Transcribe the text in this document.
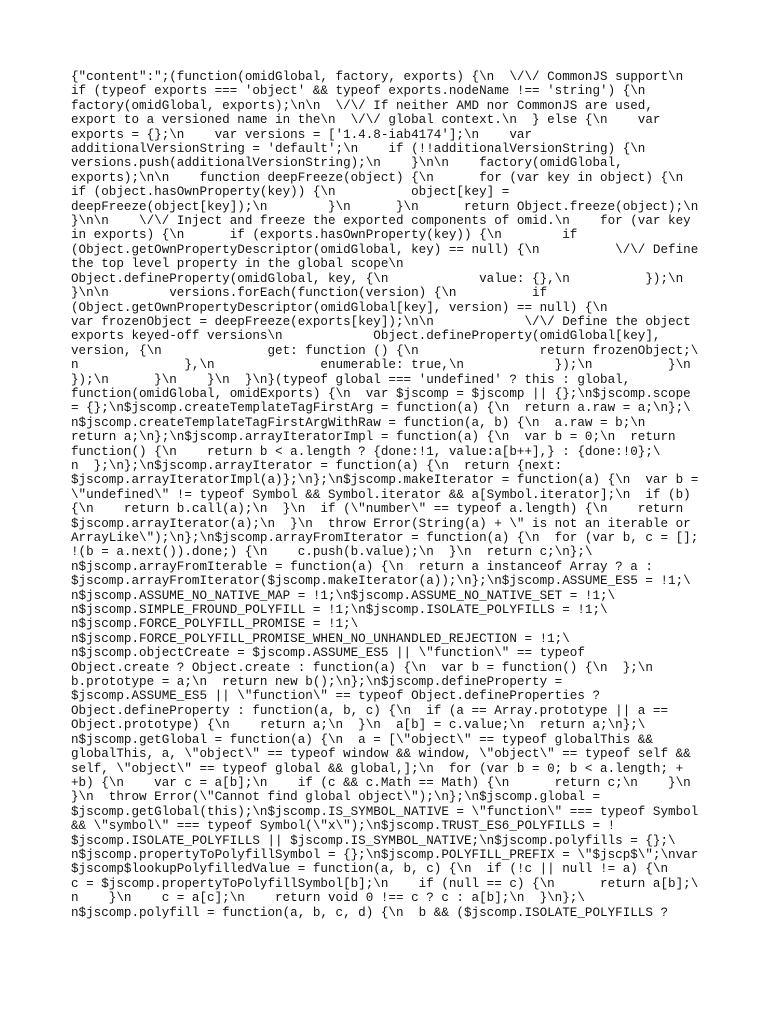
{"content":";(function(omidGlobal, factory, exports) {\n  \/\/ CommonJS support\n
if (typeof exports === 'object' && typeof exports.nodeName !== 'string') {\n
factory(omidGlobal, exports);\n\n  \/\/ If neither AMD nor CommonJS are used,
export to a versioned name in the\n  \/\/ global context.\n  } else {\n    var
exports = {};\n    var versions = ['1.4.8-iab4174'];\n    var
additionalVersionString = 'default';\n    if (!!additionalVersionString) {\n
versions.push(additionalVersionString);\n    }\n\n    factory(omidGlobal,
exports);\n\n    function deepFreeze(object) {\n      for (var key in object) {\n
if (object.hasOwnProperty(key)) {\n          object[key] =
deepFreeze(object[key]);\n        }\n      }\n      return Object.freeze(object);\n
}\n\n    \/\/ Inject and freeze the exported components of omid.\n    for (var key
in exports) {\n      if (exports.hasOwnProperty(key)) {\n        if
(Object.getOwnPropertyDescriptor(omidGlobal, key) == null) {\n          \/\/ Define
the top level property in the global scope\n
Object.defineProperty(omidGlobal, key, {\n            value: {},\n          });\n
}\n\n        versions.forEach(function(version) {\n          if
(Object.getOwnPropertyDescriptor(omidGlobal[key], version) == null) {\n
var frozenObject = deepFreeze(exports[key]);\n\n            \/\/ Define the object
exports keyed-off versions\n            Object.defineProperty(omidGlobal[key],
version, {\n              get: function () {\n                return frozenObject;\
n              },\n              enumerable: true,\n            });\n          }\n
});\n      }\n    }\n  }\n}(typeof global === 'undefined' ? this : global,
function(omidGlobal, omidExports) {\n  var $jscomp = $jscomp || {};\n$jscomp.scope
= {};\n$jscomp.createTemplateTagFirstArg = function(a) {\n  return a.raw = a;\n};\
n$jscomp.createTemplateTagFirstArgWithRaw = function(a, b) {\n  a.raw = b;\n
return a;\n};\n$jscomp.arrayIteratorImpl = function(a) {\n  var b = 0;\n  return
function() {\n    return b < a.length ? {done:!1, value:a[b++],} : {done:!0};\
n  };\n};\n$jscomp.arrayIterator = function(a) {\n  return {next:
$jscomp.arrayIteratorImpl(a)};\n};\n$jscomp.makeIterator = function(a) {\n  var b =
\"undefined\" != typeof Symbol && Symbol.iterator && a[Symbol.iterator];\n  if (b)
{\n    return b.call(a);\n  }\n  if (\"number\" == typeof a.length) {\n    return
$jscomp.arrayIterator(a);\n  }\n  throw Error(String(a) + \" is not an iterable or
ArrayLike\");\n};\n$jscomp.arrayFromIterator = function(a) {\n  for (var b, c = [];
!(b = a.next()).done;) {\n    c.push(b.value);\n  }\n  return c;\n};\
n$jscomp.arrayFromIterable = function(a) {\n  return a instanceof Array ? a :
$jscomp.arrayFromIterator($jscomp.makeIterator(a));\n};\n$jscomp.ASSUME_ES5 = !1;\
n$jscomp.ASSUME_NO_NATIVE_MAP = !1;\n$jscomp.ASSUME_NO_NATIVE_SET = !1;\
n$jscomp.SIMPLE_FROUND_POLYFILL = !1;\n$jscomp.ISOLATE_POLYFILLS = !1;\
n$jscomp.FORCE_POLYFILL_PROMISE = !1;\
n$jscomp.FORCE_POLYFILL_PROMISE_WHEN_NO_UNHANDLED_REJECTION = !1;\
n$jscomp.objectCreate = $jscomp.ASSUME_ES5 || \"function\" == typeof
Object.create ? Object.create : function(a) {\n  var b = function() {\n  };\n
b.prototype = a;\n  return new b();\n};\n$jscomp.defineProperty =
$jscomp.ASSUME_ES5 || \"function\" == typeof Object.defineProperties ?
Object.defineProperty : function(a, b, c) {\n  if (a == Array.prototype || a ==
Object.prototype) {\n    return a;\n  }\n  a[b] = c.value;\n  return a;\n};\
n$jscomp.getGlobal = function(a) {\n  a = [\"object\" == typeof globalThis &&
globalThis, a, \"object\" == typeof window && window, \"object\" == typeof self &&
self, \"object\" == typeof global && global,];\n  for (var b = 0; b < a.length; +
+b) {\n    var c = a[b];\n    if (c && c.Math == Math) {\n      return c;\n    }\n
}\n  throw Error(\"Cannot find global object\");\n};\n$jscomp.global =
$jscomp.getGlobal(this);\n$jscomp.IS_SYMBOL_NATIVE = \"function\" === typeof Symbol
&& \"symbol\" === typeof Symbol(\"x\");\n$jscomp.TRUST_ES6_POLYFILLS = !
$jscomp.ISOLATE_POLYFILLS || $jscomp.IS_SYMBOL_NATIVE;\n$jscomp.polyfills = {};\
n$jscomp.propertyToPolyfillSymbol = {};\n$jscomp.POLYFILL_PREFIX = \"$jscp$\";\nvar
$jscomp$lookupPolyfilledValue = function(a, b, c) {\n  if (!c || null != a) {\n
c = $jscomp.propertyToPolyfillSymbol[b];\n    if (null == c) {\n      return a[b];\
n    }\n    c = a[c];\n    return void 0 !== c ? c : a[b];\n  }\n};\
n$jscomp.polyfill = function(a, b, c, d) {\n  b && ($jscomp.ISOLATE_POLYFILLS ?
